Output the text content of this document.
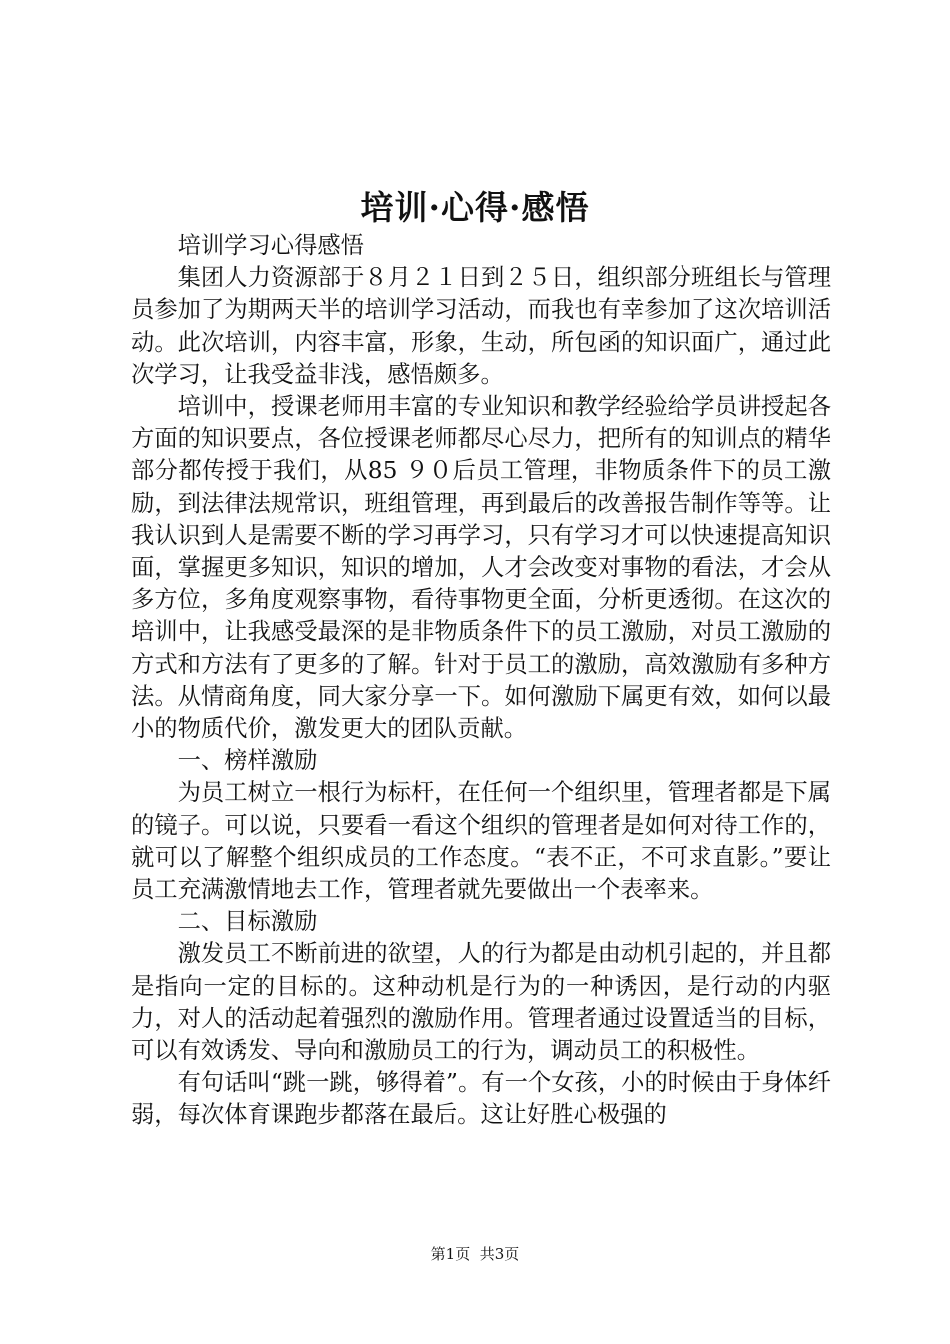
培训·心得·感悟

培训学习心得感悟

集团人力资源部于８月２１日到２５日，组织部分班组长与管理员参加了为期两天半的培训学习活动，而我也有幸参加了这次培训活动。此次培训，内容丰富，形象，生动，所包函的知识面广，通过此次学习，让我受益非浅，感悟颇多。

培训中，授课老师用丰富的专业知识和教学经验给学员讲授起各方面的知识要点，各位授课老师都尽心尽力，把所有的知训点的精华部分都传授于我们，从85 ９０后员工管理，非物质条件下的员工激励，到法律法规常识，班组管理，再到最后的改善报告制作等等。让我认识到人是需要不断的学习再学习，只有学习才可以快速提高知识面，掌握更多知识，知识的增加，人才会改变对事物的看法，才会从多方位，多角度观察事物，看待事物更全面，分析更透彻。在这次的培训中，让我感受最深的是非物质条件下的员工激励，对员工激励的方式和方法有了更多的了解。针对于员工的激励，高效激励有多种方法。从情商角度，同大家分享一下。如何激励下属更有效，如何以最小的物质代价，激发更大的团队贡献。

一、榜样激励

为员工树立一根行为标杆，在任何一个组织里，管理者都是下属的镜子。可以说，只要看一看这个组织的管理者是如何对待工作的，就可以了解整个组织成员的工作态度。“表不正，不可求直影。”要让员工充满激情地去工作，管理者就先要做出一个表率来。

二、目标激励

激发员工不断前进的欲望，人的行为都是由动机引起的，并且都是指向一定的目标的。这种动机是行为的一种诱因，是行动的内驱力，对人的活动起着强烈的激励作用。管理者通过设置适当的目标，可以有效诱发、导向和激励员工的行为，调动员工的积极性。

有句话叫“跳一跳，够得着”。有一个女孩，小的时候由于身体纤弱，每次体育课跑步都落在最后。这让好胜心极强的

第1页 共3页
